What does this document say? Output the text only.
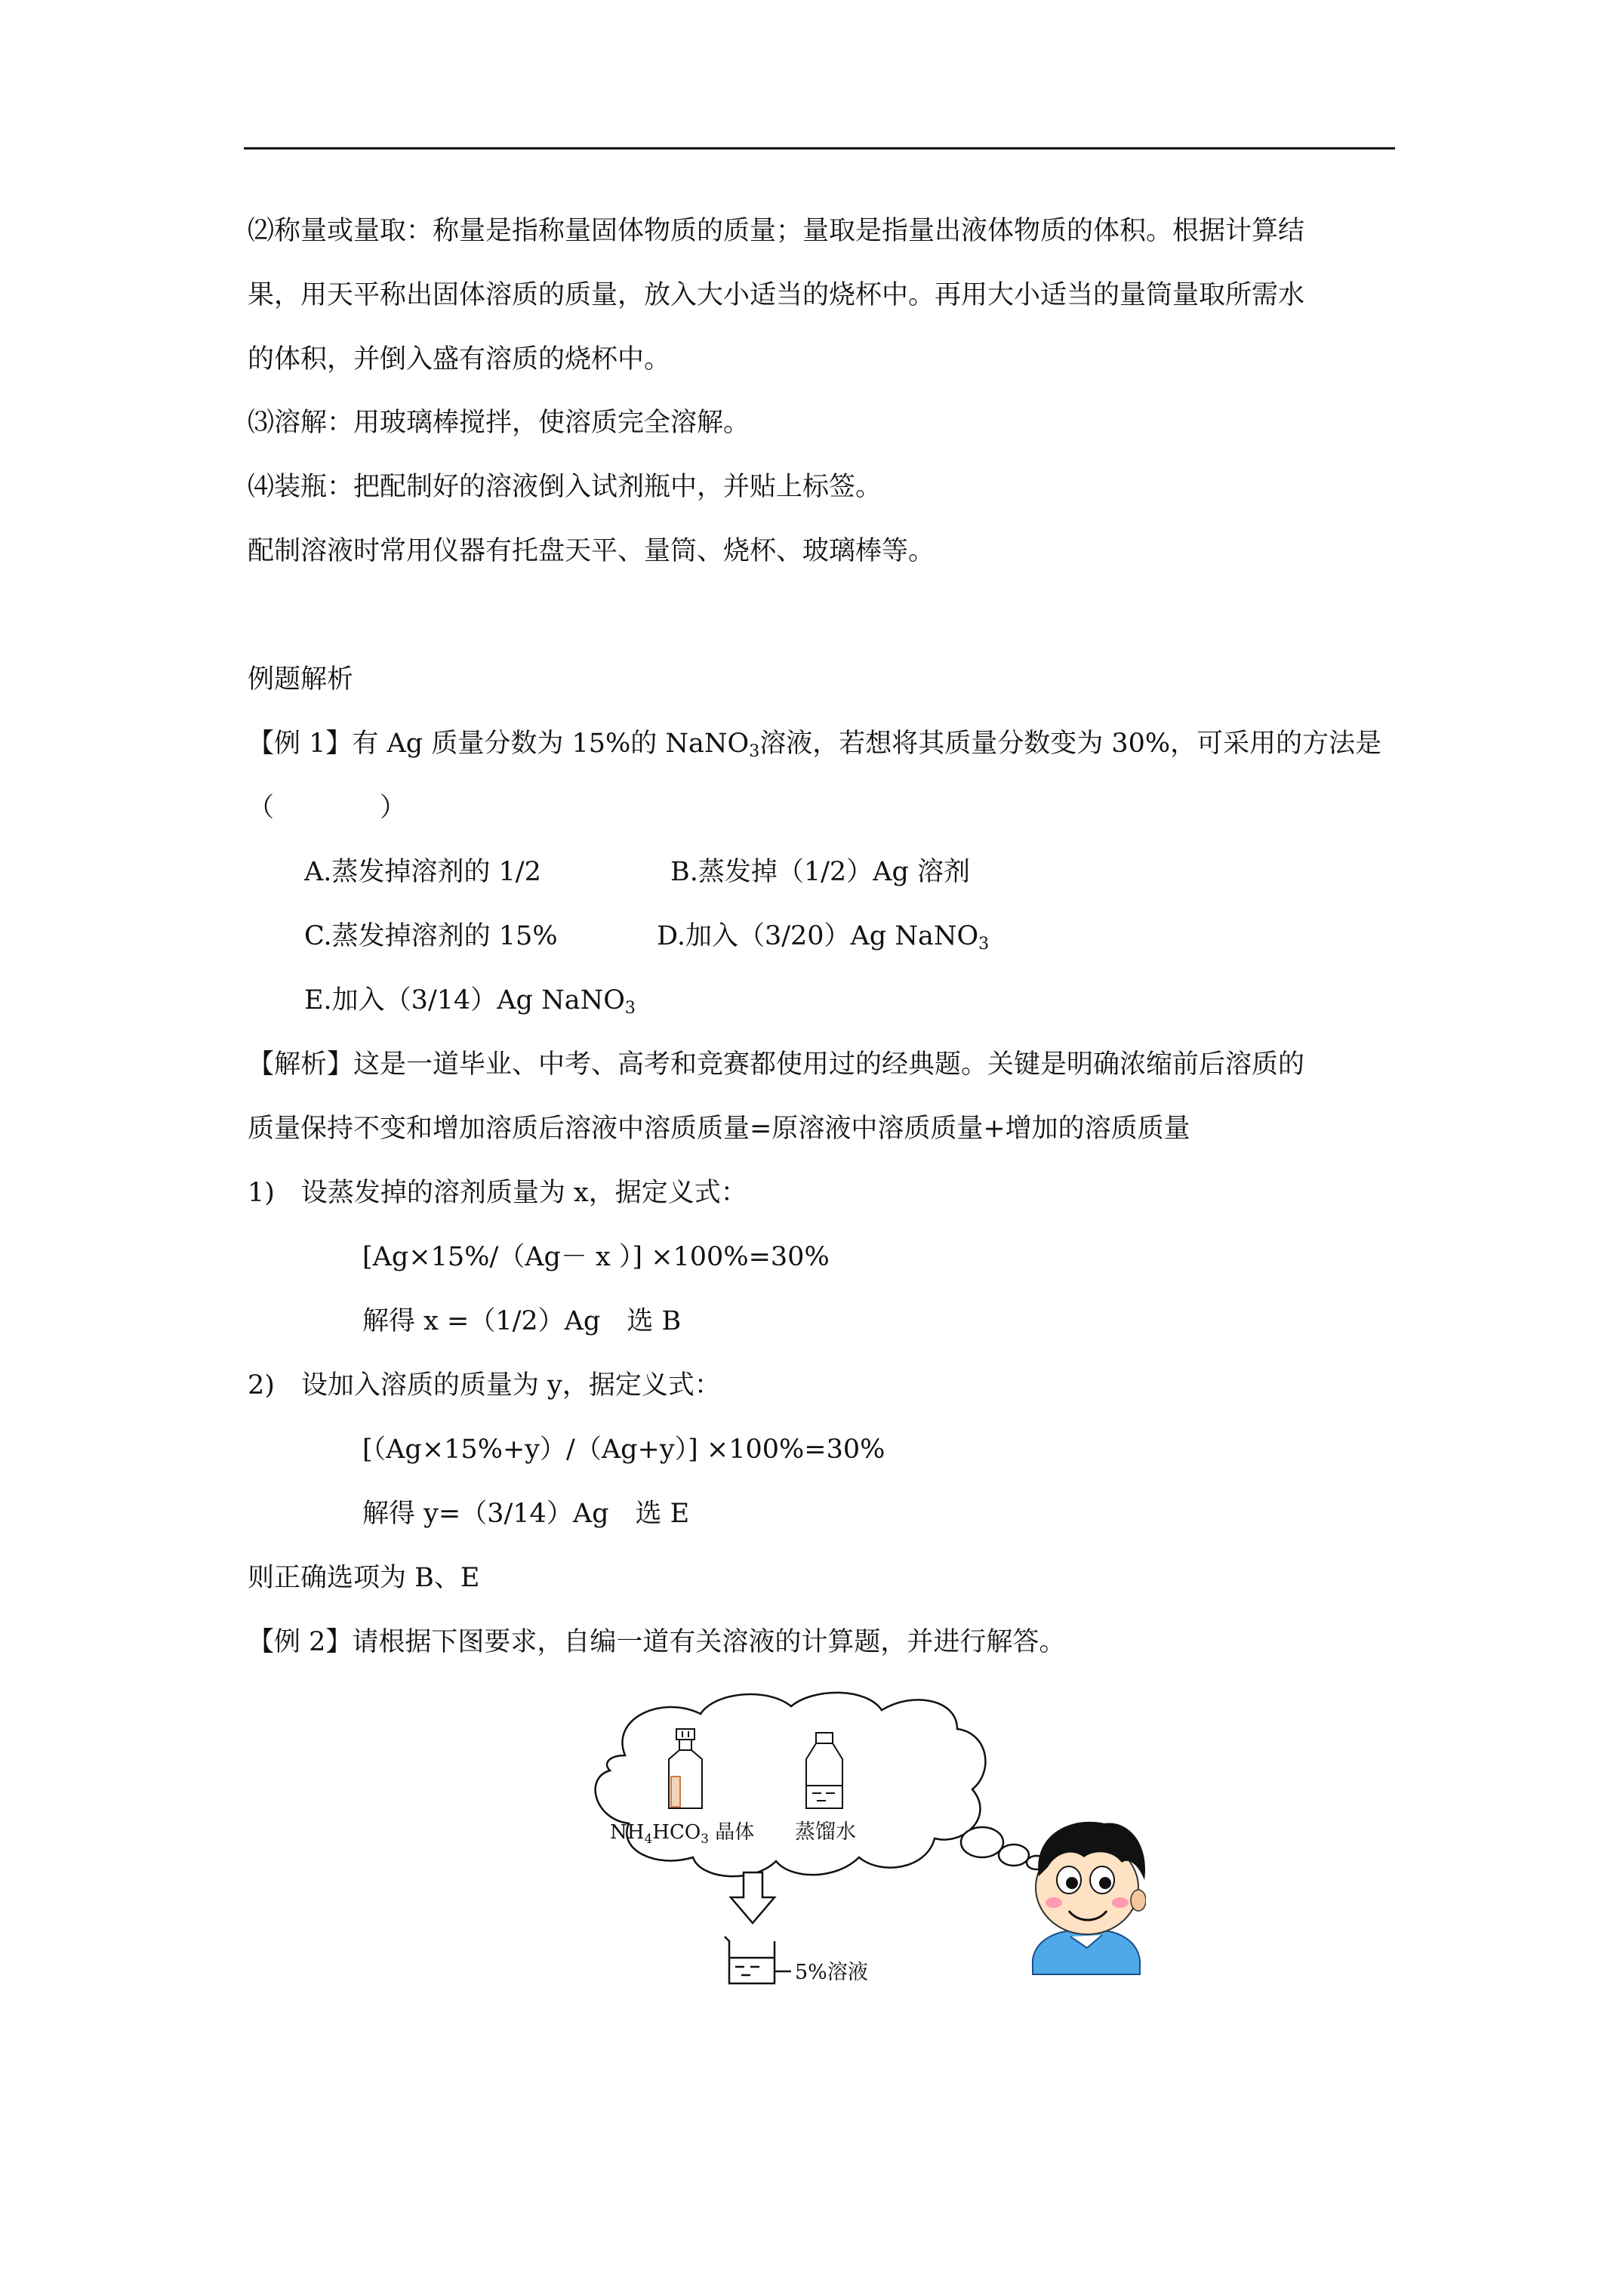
⑵称量或量取：称量是指称量固体物质的质量；量取是指量出液体物质的体积。根据计算结
果，用天平称出固体溶质的质量，放入大小适当的烧杯中。再用大小适当的量筒量取所需水
的体积，并倒入盛有溶质的烧杯中。
⑶溶解：用玻璃棒搅拌，使溶质完全溶解。
⑷装瓶：把配制好的溶液倒入试剂瓶中，并贴上标签。
配制溶液时常用仪器有托盘天平、量筒、烧杯、玻璃棒等。
例题解析
【例 1】有 Ag 质量分数为 15%的 NaNO$_3$溶液，若想将其质量分数变为 30%，可采用的方法是
（　　　　）
A.蒸发掉溶剂的 1/2	B.蒸发掉（1/2）Ag 溶剂
C.蒸发掉溶剂的 15%	D.加入（3/20）Ag NaNO$_3$
E.加入（3/14）Ag NaNO$_3$
【解析】这是一道毕业、中考、高考和竞赛都使用过的经典题。关键是明确浓缩前后溶质的
质量保持不变和增加溶质后溶液中溶质质量=原溶液中溶质质量+增加的溶质质量
1)　设蒸发掉的溶剂质量为 x，据定义式：
[Ag×15%/（Ag－ x ）] ×100%=30%
解得 x =（1/2）Ag　选 B
2)　设加入溶质的质量为 y，据定义式：
[（Ag×15%+y）/（Ag+y）] ×100%=30%
解得 y=（3/14）Ag　选 E
则正确选项为 B、E
【例 2】请根据下图要求，自编一道有关溶液的计算题，并进行解答。
$NH_4HCO_3$ 晶体 蒸馏水
5%溶液
